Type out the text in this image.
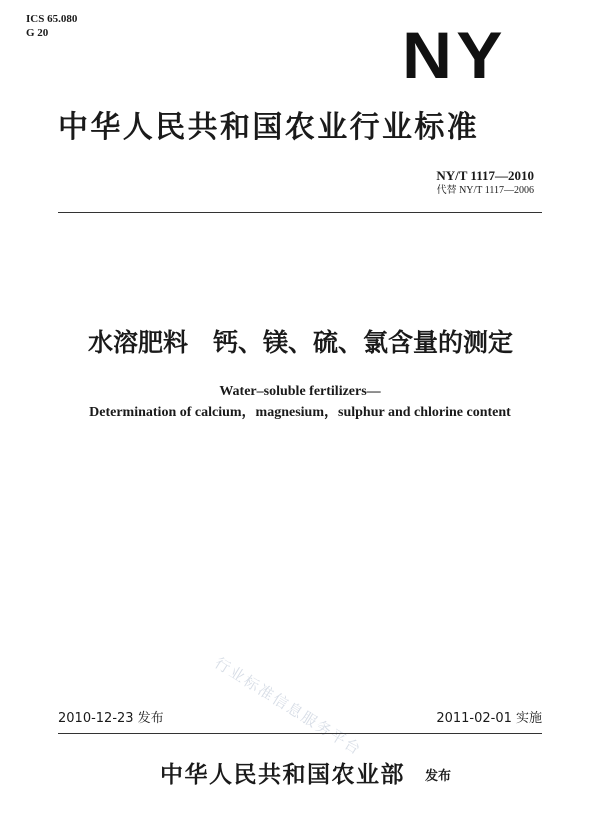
ICS 65.080
G 20	NY
中华人民共和国农业行业标准
NY/T 1117—2010
代替 NY/T 1117—2006
水溶肥料　钙、镁、硫、氯含量的测定
Water–soluble fertilizers—
Determination of calcium，magnesium，sulphur and chlorine content
行业标准信息服务平台
2010-12-23 发布	2011-02-01 实施
中华人民共和国农业部 发布
